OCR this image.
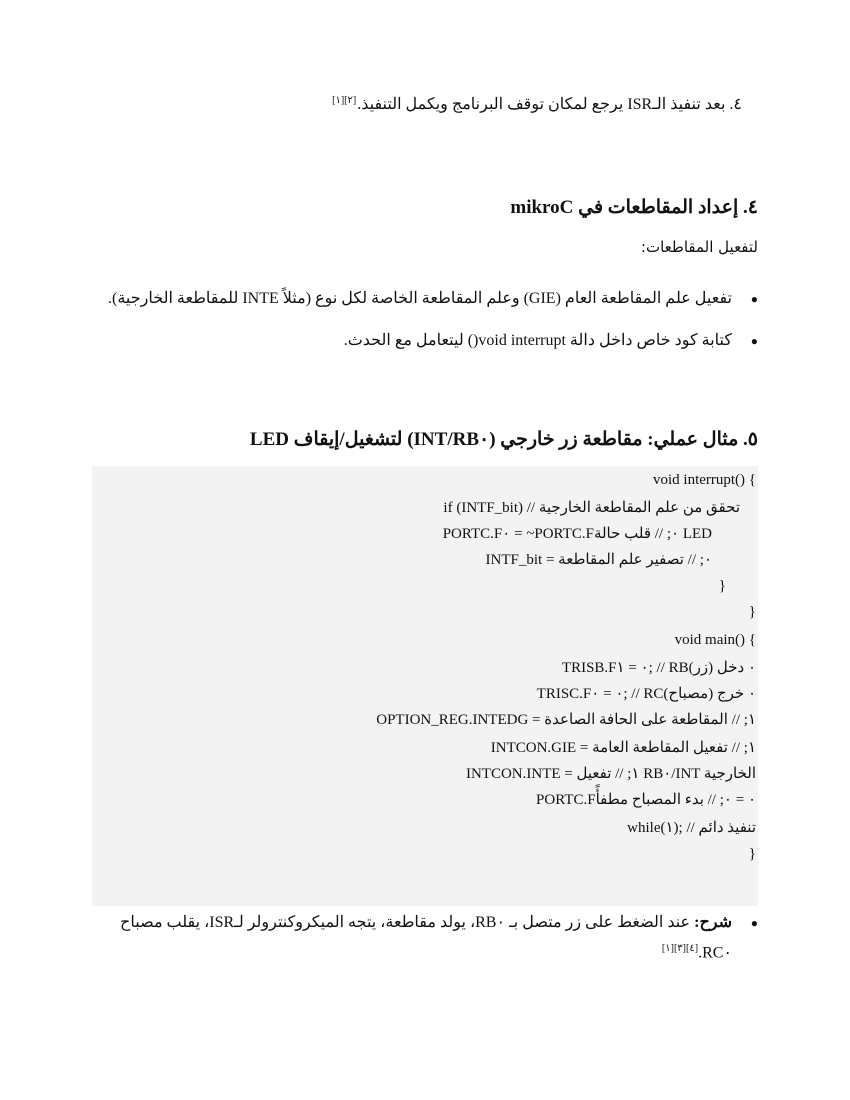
٤. بعد تنفيذ الـISR يرجع لمكان توقف البرنامج ويكمل التنفيذ.[٢][١]
٤. إعداد المقاطعات في mikroC
لتفعيل المقاطعات:
● تفعيل علم المقاطعة العام (GIE) وعلم المقاطعة الخاصة لكل نوع (مثلاً INTE للمقاطعة الخارجية).
● كتابة كود خاص داخل دالة void interrupt() ليتعامل مع الحدث.
٥. مثال عملي: مقاطعة زر خارجي (RB٠/INT) لتشغيل/إيقاف LED
void interrupt() {
if (INTF_bit) // تحقق من علم المقاطعة الخارجية
PORTC.F٠ = ~PORTC.F٠; // قلب حالة LED
INTF_bit = ٠; // تصفير علم المقاطعة
}
}
void main() {
TRISB.F٠ = ١; // RB٠ دخل (زر)
TRISC.F٠ = ٠; // RC٠ خرج (مصباح)
OPTION_REG.INTEDG = ١; // المقاطعة على الحافة الصاعدة
INTCON.GIE = ١; // تفعيل المقاطعة العامة
INTCON.INTE = ١; // تفعيل RB٠/INT الخارجية
PORTC.F٠ = ٠; // بدء المصباح مطفأً
while(١); // تنفيذ دائم
}
● شرح: عند الضغط على زر متصل بـ RB٠، يولد مقاطعة، يتجه الميكروكنترولر لـISR، يقلب مصباح RC٠.[٤][٣][١]
